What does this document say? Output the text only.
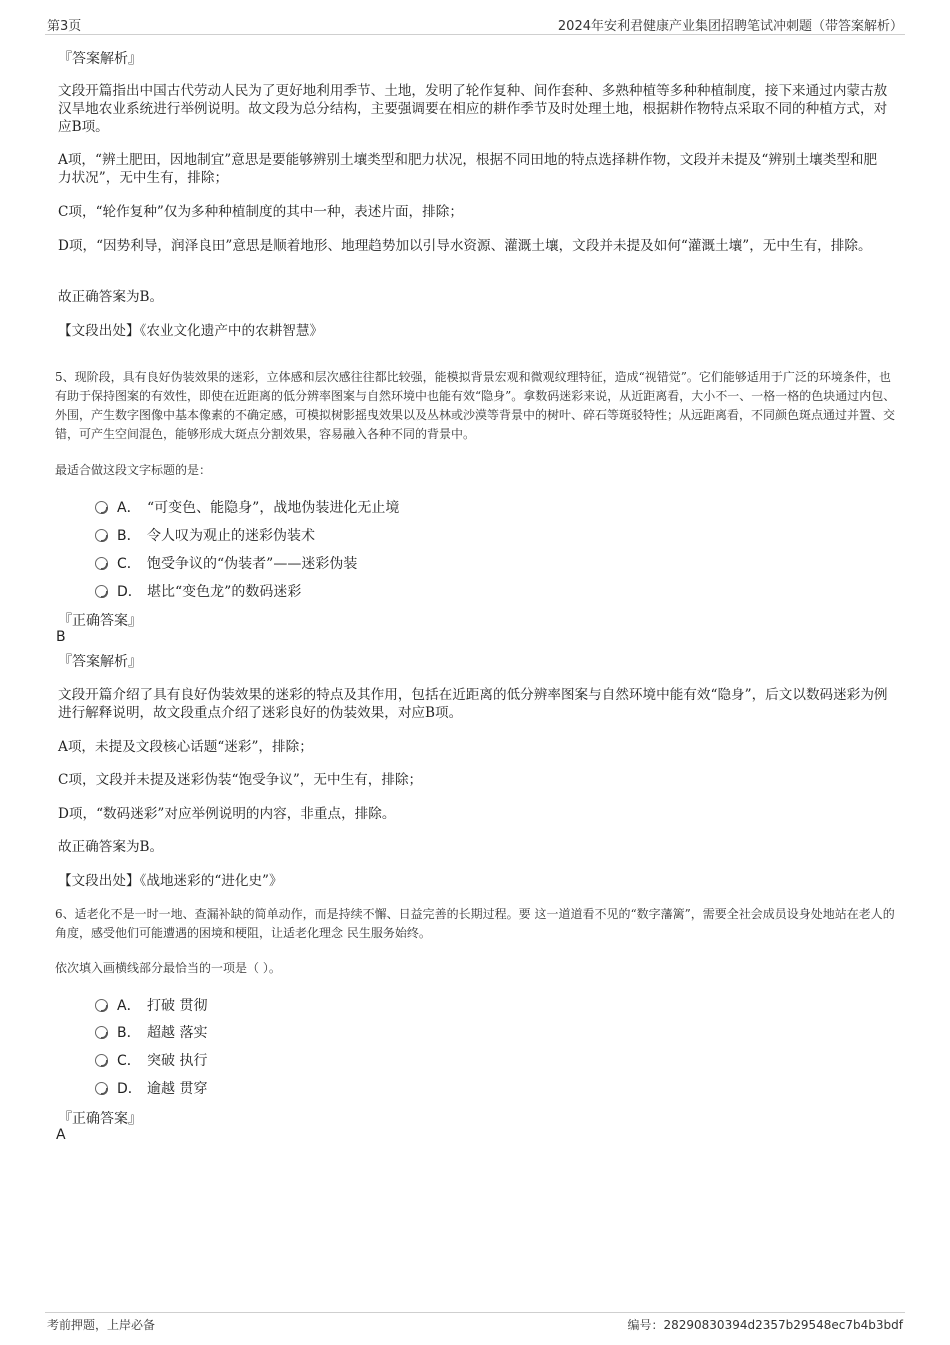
第3页	2024年安利君健康产业集团招聘笔试冲刺题（带答案解析）
『答案解析』
文段开篇指出中国古代劳动人民为了更好地利用季节、土地，发明了轮作复种、间作套种、多熟种植等多种种植制度，接下来通过内蒙古敖汉旱地农业系统进行举例说明。故文段为总分结构，主要强调要在相应的耕作季节及时处理土地，根据耕作物特点采取不同的种植方式，对应B项。
A项，“辨土肥田，因地制宜”意思是要能够辨别土壤类型和肥力状况，根据不同田地的特点选择耕作物，文段并未提及“辨别土壤类型和肥力状况”，无中生有，排除；
C项，“轮作复种”仅为多种种植制度的其中一种，表述片面，排除；
D项，“因势利导，润泽良田”意思是顺着地形、地理趋势加以引导水资源、灌溉土壤，文段并未提及如何“灌溉土壤”，无中生有，排除。
故正确答案为B。
【文段出处】《农业文化遗产中的农耕智慧》
5、现阶段，具有良好伪装效果的迷彩，立体感和层次感往往都比较强，能模拟背景宏观和微观纹理特征，造成“视错觉”。它们能够适用于广泛的环境条件，也有助于保持图案的有效性，即使在近距离的低分辨率图案与自然环境中也能有效“隐身”。拿数码迷彩来说，从近距离看，大小不一、一格一格的色块通过内包、外围，产生数字图像中基本像素的不确定感，可模拟树影摇曳效果以及丛林或沙漠等背景中的树叶、碎石等斑驳特性；从远距离看，不同颜色斑点通过并置、交错，可产生空间混色，能够形成大斑点分割效果，容易融入各种不同的背景中。
最适合做这段文字标题的是：
A． “可变色、能隐身”，战地伪装进化无止境
B． 令人叹为观止的迷彩伪装术
C． 饱受争议的“伪装者”——迷彩伪装
D． 堪比“变色龙”的数码迷彩
『正确答案』
B
『答案解析』
文段开篇介绍了具有良好伪装效果的迷彩的特点及其作用，包括在近距离的低分辨率图案与自然环境中能有效“隐身”，后文以数码迷彩为例进行解释说明，故文段重点介绍了迷彩良好的伪装效果，对应B项。
A项，未提及文段核心话题“迷彩”，排除；
C项，文段并未提及迷彩伪装“饱受争议”，无中生有，排除；
D项，“数码迷彩”对应举例说明的内容，非重点，排除。
故正确答案为B。
【文段出处】《战地迷彩的“进化史”》
6、适老化不是一时一地、查漏补缺的简单动作，而是持续不懈、日益完善的长期过程。要 这一道道看不见的“数字藩篱”，需要全社会成员设身处地站在老人的角度，感受他们可能遭遇的困境和梗阻，让适老化理念 民生服务始终。
依次填入画横线部分最恰当的一项是（ ）。
A． 打破 贯彻
B． 超越 落实
C． 突破 执行
D． 逾越 贯穿
『正确答案』
A
考前押题，上岸必备	编号：28290830394d2357b29548ec7b4b3bdf
